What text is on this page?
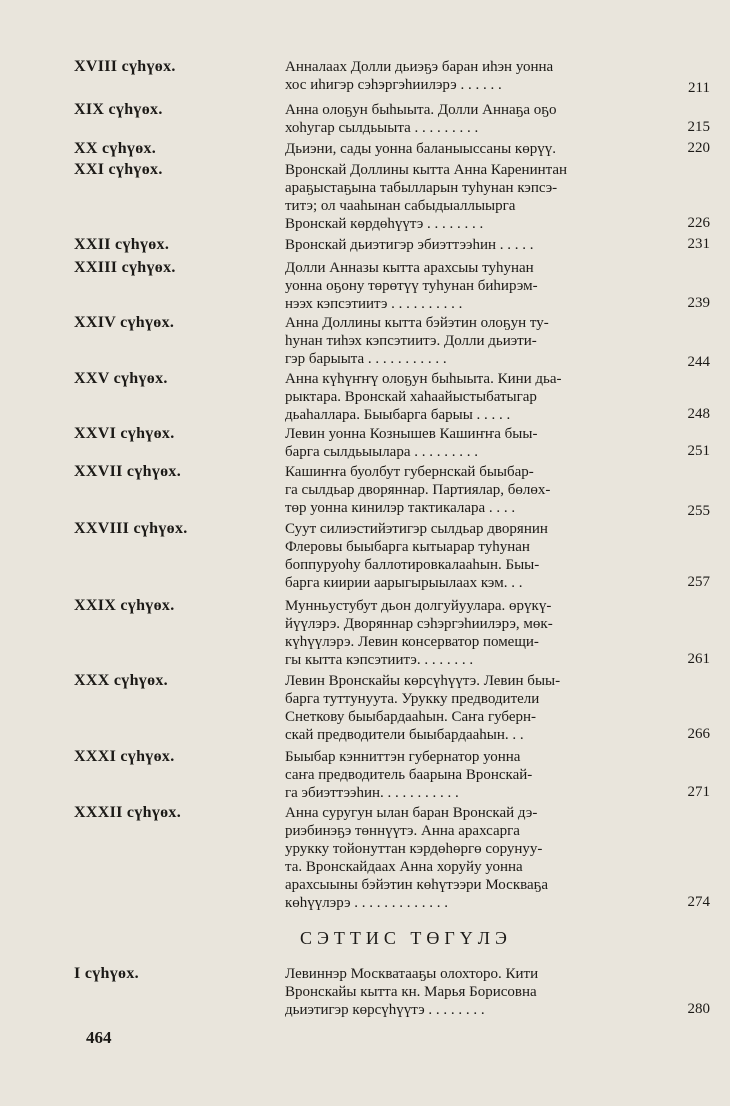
XVIII сүһүөх.	Анналаах Долли дьиэҕэ баран иһэн уонна
хос иһигэр сэһэргэһиилэрэ . . . . . .	211
XIX сүһүөх.	Анна олоҕун быһыыта. Долли Аннаҕа оҕо
хоһугар сылдьыыта . . . . . . . . .	215
XX сүһүөх.	Дьиэни, сады уонна баланыыссаны көрүү.	220
XXI сүһүөх.	Вронскай Доллины кытта Анна Каренинтан
араҕыстаҕына табылларын туһунан кэпсэ-
титэ; ол чааһынан сабыдыаллыырга
Вронскай көрдөһүүтэ . . . . . . . .	226
XXII сүһүөх.	Вронскай дьиэтигэр эбиэттээһин . . . . .	231
XXIII сүһүөх.	Долли Анназы кытта арахсыы туһунан
уонна оҕону төрөтүү туһунан биһирэм-
нээх кэпсэтиитэ . . . . . . . . . .	239
XXIV сүһүөх.	Анна Доллины кытта бэйэтин олоҕун ту-
һунан тиһэх кэпсэтиитэ. Долли дьиэти-
гэр барыыта . . . . . . . . . . .	244
XXV сүһүөх.	Анна күһүҥҥү олоҕун быһыыта. Кини дьа-
рыктара. Вронскай хаһаайыстыбатыгар
дьаһаллара. Быыбарга барыы . . . . .	248
XXVI сүһүөх.	Левин уонна Кознышев Кашиҥҥа быы-
барга сылдьыылара . . . . . . . . .	251
XXVII сүһүөх.	Кашиҥҥа буолбут губернскай быыбар-
га сылдьар дворяннар. Партиялар, бөлөх-
төр уонна кинилэр тактикалара . . . .	255
XXVIII сүһүөх.	Суут силиэстийэтигэр сылдьар дворянин
Флеровы быыбарга кытыарар туһунан
боппуруоһу баллотировкалааһын. Быы-
барга киирии аарыгырыылаах кэм. . .	257
XXIX сүһүөх.	Мунньустубут дьон долгуйуулара. өрүкү-
йүүлэрэ. Дворяннар сэһэргэһиилэрэ, мөк-
күһүүлэрэ. Левин консерватор помещи-
гы кытта кэпсэтиитэ. . . . . . . .	261
XXX сүһүөх.	Левин Вронскайы көрсүһүүтэ. Левин быы-
барга туттунуута. Урукку предводители
Снеткову быыбардааһын. Саҥа губерн-
скай предводители быыбардааһын. . .	266
XXXI сүһүөх.	Быыбар кэнниттэн губернатор уонна
саҥа предводитель баарына Вронскай-
га эбиэттээһин. . . . . . . . . . .	271
XXXII сүһүөх.	Анна суругун ылан баран Вронскай дэ-
риэбинэҕэ төннүүтэ. Анна арахсарга
урукку тойонуттан кэрдөһөргө сорунуу-
та. Вронскайдаах Анна хоруйу уонна
арахсыыны бэйэтин көһүтээри Москваҕа
көһүүлэрэ . . . . . . . . . . . . .	274
СЭТТИС ТӨГҮЛЭ
I сүһүөх.	Левиннэр Москватааҕы олохторо. Кити
Вронскайы кытта кн. Марья Борисовна
дьиэтигэр көрсүһүүтэ . . . . . . . .	280
464
